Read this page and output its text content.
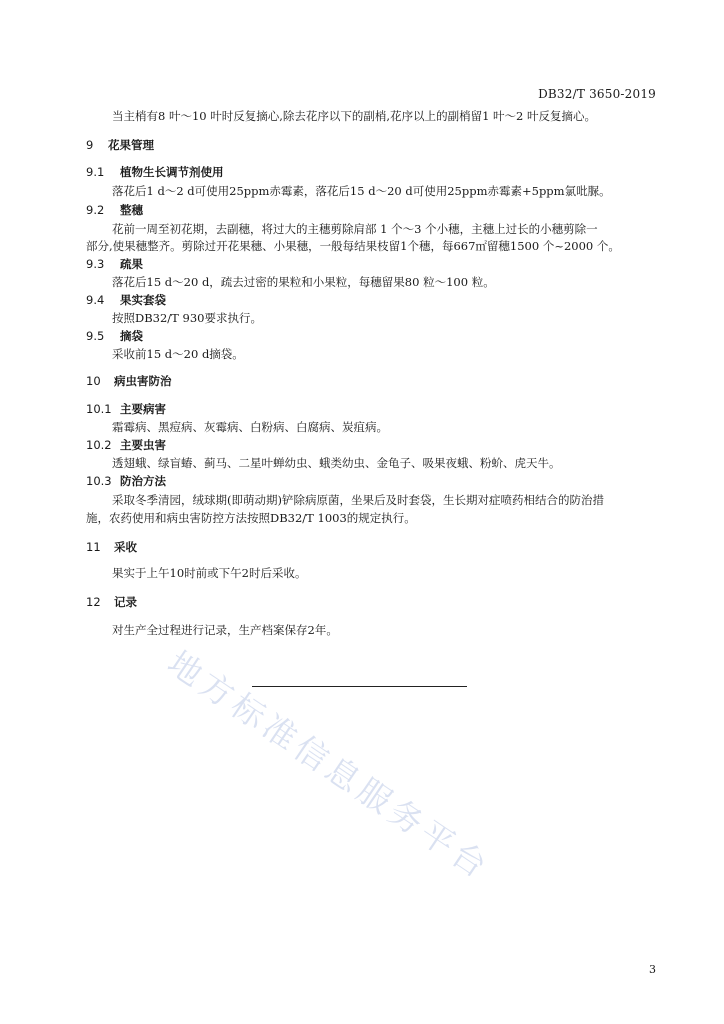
DB32/T 3650-2019
当主梢有8 叶～10 叶时反复摘心,除去花序以下的副梢,花序以上的副梢留1 叶～2 叶反复摘心。
9 花果管理
9.1 植物生长调节剂使用
落花后1 d～2 d可使用25ppm赤霉素，落花后15 d～20 d可使用25ppm赤霉素+5ppm氯吡脲。
9.2 整穗
花前一周至初花期，去副穗，将过大的主穗剪除肩部 1 个～3 个小穗，主穗上过长的小穗剪除一
部分,使果穗整齐。剪除过开花果穗、小果穗，一般每结果枝留1个穗，每667㎡留穗1500 个~2000 个。
9.3 疏果
落花后15 d～20 d，疏去过密的果粒和小果粒，每穗留果80 粒～100 粒。
9.4 果实套袋
按照DB32/T 930要求执行。
9.5 摘袋
采收前15 d～20 d摘袋。
10 病虫害防治
10.1 主要病害
霜霉病、黑痘病、灰霉病、白粉病、白腐病、炭疽病。
10.2 主要虫害
透翅蛾、绿盲蝽、蓟马、二星叶蝉幼虫、蛾类幼虫、金龟子、吸果夜蛾、粉蚧、虎天牛。
10.3 防治方法
采取冬季清园，绒球期(即萌动期)铲除病原菌，坐果后及时套袋，生长期对症喷药相结合的防治措
施，农药使用和病虫害防控方法按照DB32/T 1003的规定执行。
11 采收
果实于上午10时前或下午2时后采收。
12 记录
对生产全过程进行记录，生产档案保存2年。
地方标准信息服务平台
3
